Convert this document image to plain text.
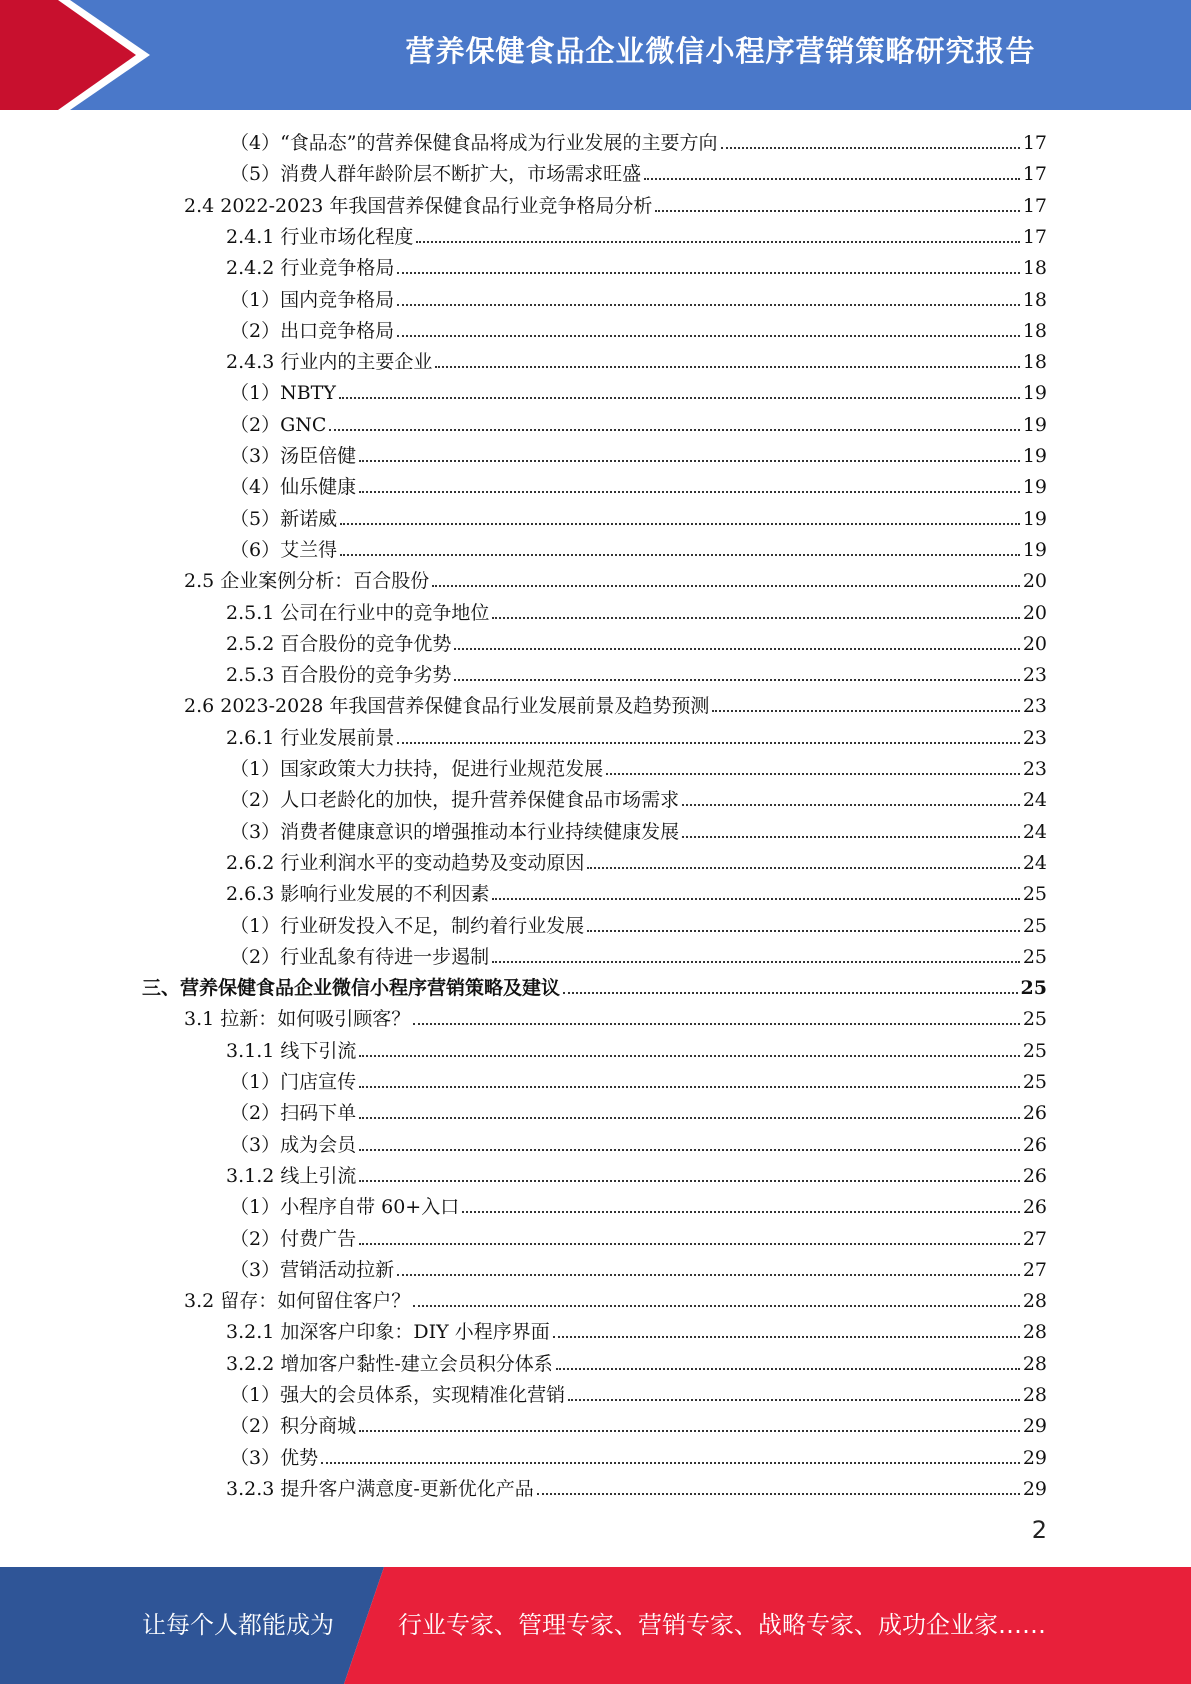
营养保健食品企业微信小程序营销策略研究报告
（4）“食品态”的营养保健食品将成为行业发展的主要方向	17
（5）消费人群年龄阶层不断扩大，市场需求旺盛	17
2.4 2022-2023 年我国营养保健食品行业竞争格局分析	17
2.4.1 行业市场化程度	17
2.4.2 行业竞争格局	18
（1）国内竞争格局	18
（2）出口竞争格局	18
2.4.3 行业内的主要企业	18
（1）NBTY	19
（2）GNC	19
（3）汤臣倍健	19
（4）仙乐健康	19
（5）新诺威	19
（6）艾兰得	19
2.5 企业案例分析：百合股份	20
2.5.1 公司在行业中的竞争地位	20
2.5.2 百合股份的竞争优势	20
2.5.3 百合股份的竞争劣势	23
2.6 2023-2028 年我国营养保健食品行业发展前景及趋势预测	23
2.6.1 行业发展前景	23
（1）国家政策大力扶持，促进行业规范发展	23
（2）人口老龄化的加快，提升营养保健食品市场需求	24
（3）消费者健康意识的增强推动本行业持续健康发展	24
2.6.2 行业利润水平的变动趋势及变动原因	24
2.6.3 影响行业发展的不利因素	25
（1）行业研发投入不足，制约着行业发展	25
（2）行业乱象有待进一步遏制	25
三、营养保健食品企业微信小程序营销策略及建议	25
3.1 拉新：如何吸引顾客？	25
3.1.1 线下引流	25
（1）门店宣传	25
（2）扫码下单	26
（3）成为会员	26
3.1.2 线上引流	26
（1）小程序自带 60+入口	26
（2）付费广告	27
（3）营销活动拉新	27
3.2 留存：如何留住客户？	28
3.2.1 加深客户印象：DIY 小程序界面	28
3.2.2 增加客户黏性-建立会员积分体系	28
（1）强大的会员体系，实现精准化营销	28
（2）积分商城	29
（3）优势	29
3.2.3 提升客户满意度-更新优化产品	29
2
让每个人都能成为	行业专家、管理专家、营销专家、战略专家、成功企业家……
